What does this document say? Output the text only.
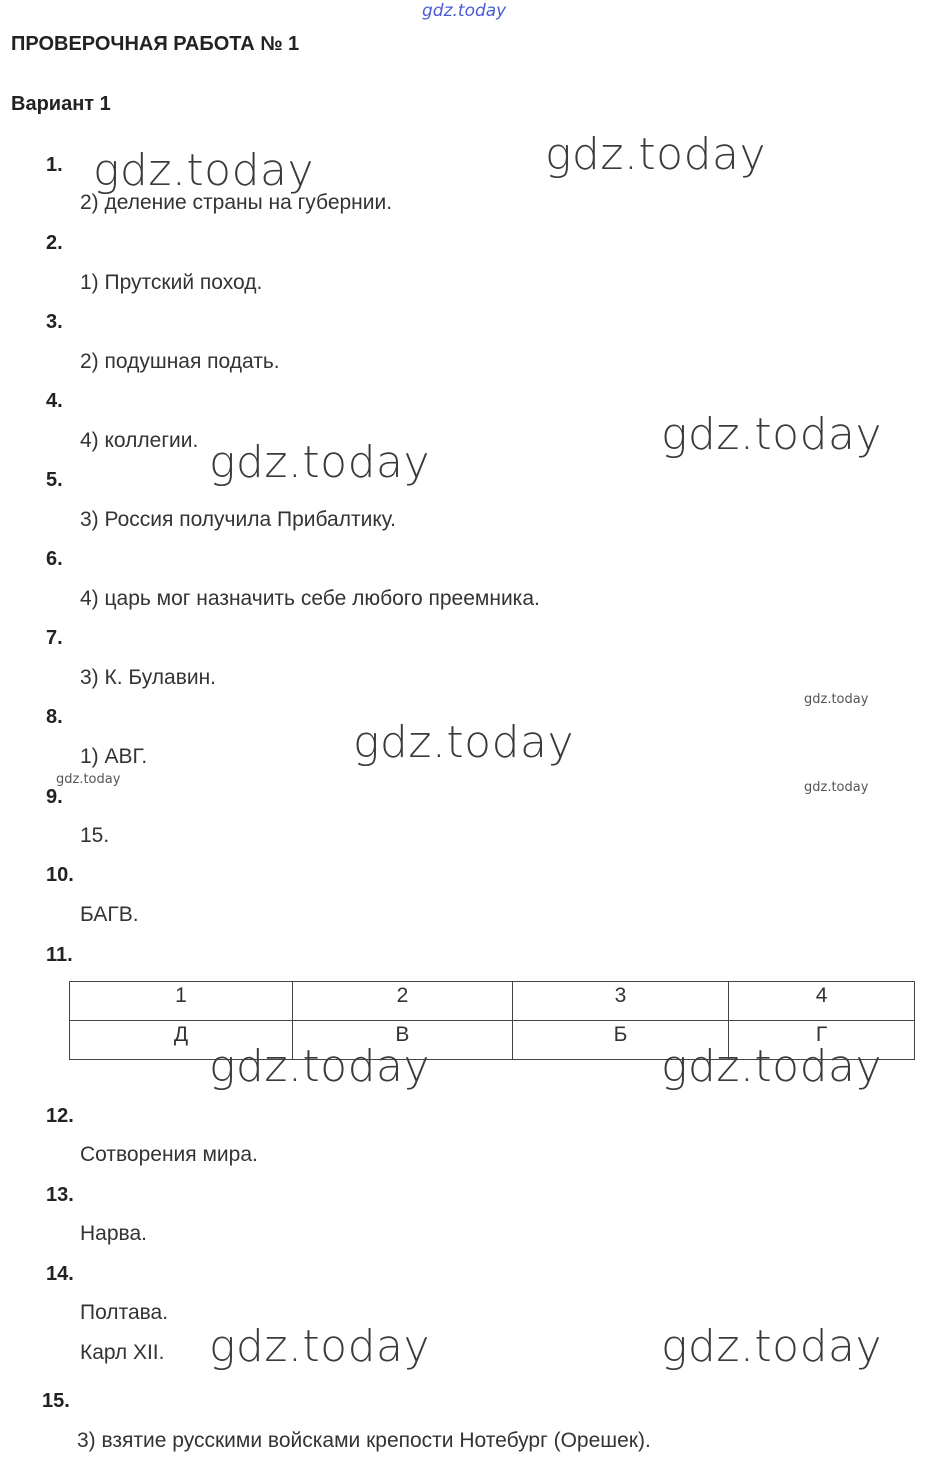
gdz.today
ПРОВЕРОЧНАЯ РАБОТА № 1
Вариант 1
1.
2) деление страны на губернии.
2.
1) Прутский поход.
3.
2) подушная подать.
4.
4) коллегии.
5.
3) Россия получила Прибалтику.
6.
4) царь мог назначить себе любого преемника.
7.
3) К. Булавин.
8.
1) АВГ.
9.
15.
10.
БАГВ.
11.
1	2	3	4
Д	В	Б	Г
12.
Сотворения мира.
13.
Нарва.
14.
Полтава.
Карл XII.
15.
3) взятие русскими войсками крепости Нотебург (Орешек).
gdz.today	gdz.today
gdz.today
gdz.today
gdz.today
gdz.today	gdz.today
gdz.today	gdz.today
gdz.today
gdz.today
gdz.today
